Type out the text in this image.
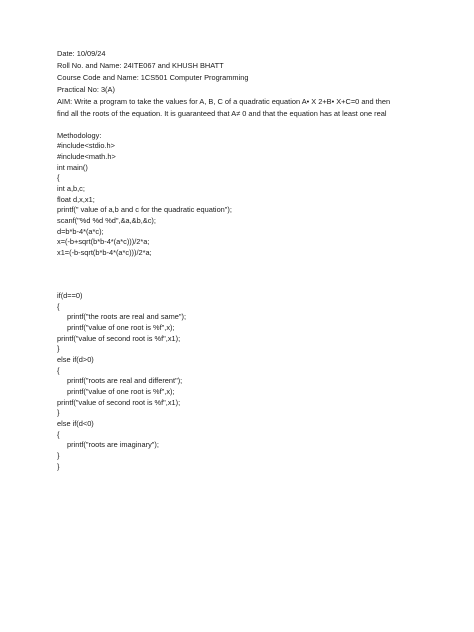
Date: 10/09/24
Roll No. and Name: 24ITE067 and KHUSH BHATT
Course Code and Name: 1CS501 Computer Programming
Practical No: 3(A)
AIM: Write a program to take the values for A, B, C of a quadratic equation A• X 2+B• X+C=0 and then
find all the roots of the equation. It is guaranteed that A≠ 0 and that the equation has at least one real
Methodology:
#include<stdio.h>
#include<math.h>
int main()
{
int a,b,c;
float d,x,x1;
printf(" value of a,b and c for the quadratic equation");
scanf("%d %d %d",&a,&b,&c);
d=b*b-4*(a*c);
x=(-b+sqrt(b*b-4*(a*c)))/2*a;
x1=(-b-sqrt(b*b-4*(a*c)))/2*a;
if(d==0)
{
printf("the roots are real and same");
printf("value of one root is %f",x);
printf("value of second root is %f",x1);
}
else if(d>0)
{
printf("roots are real and different");
printf("value of one root is %f",x);
printf("value of second root is %f",x1);
}
else if(d<0)
{
printf("roots are imaginary");
}
}
